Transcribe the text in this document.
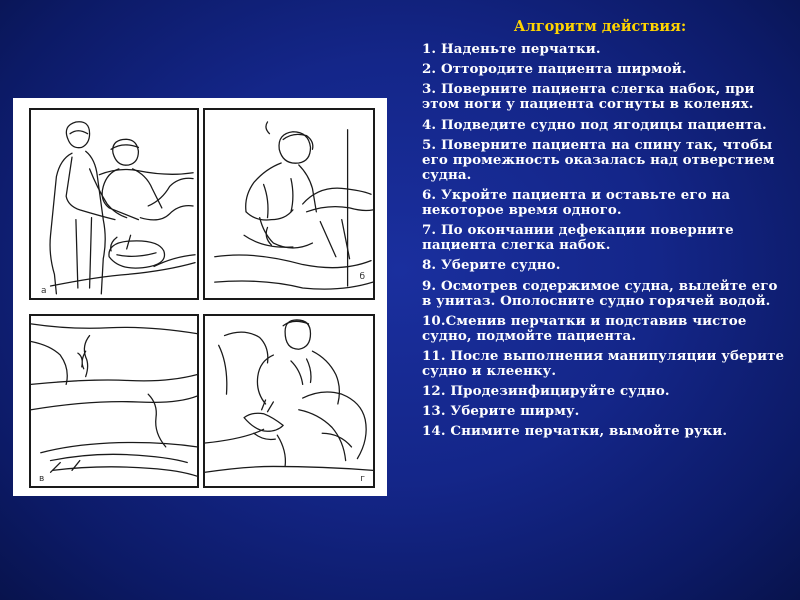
а
б
в	г
Алгоритм действия:
1. Наденьте перчатки.
2. Оттородите пациента ширмой.
3. Поверните пациента слегка набок, при этом ноги у пациента согнуты в коленях.
4. Подведите судно под ягодицы пациента.
5. Поверните пациента на спину так, чтобы его промежность оказалась над отверстием судна.
6. Укройте пациента и оставьте его на некоторое время одного.
7. По окончании дефекации поверните пациента слегка набок.
8. Уберите судно.
9. Осмотрев содержимое судна, вылейте его в унитаз. Ополосните судно горячей водой.
10.Сменив перчатки и подставив чистое судно, подмойте пациента.
11. После выполнения манипуляции уберите судно и клеенку.
12. Продезинфицируйте судно.
13. Уберите ширму.
14. Снимите перчатки, вымойте руки.
